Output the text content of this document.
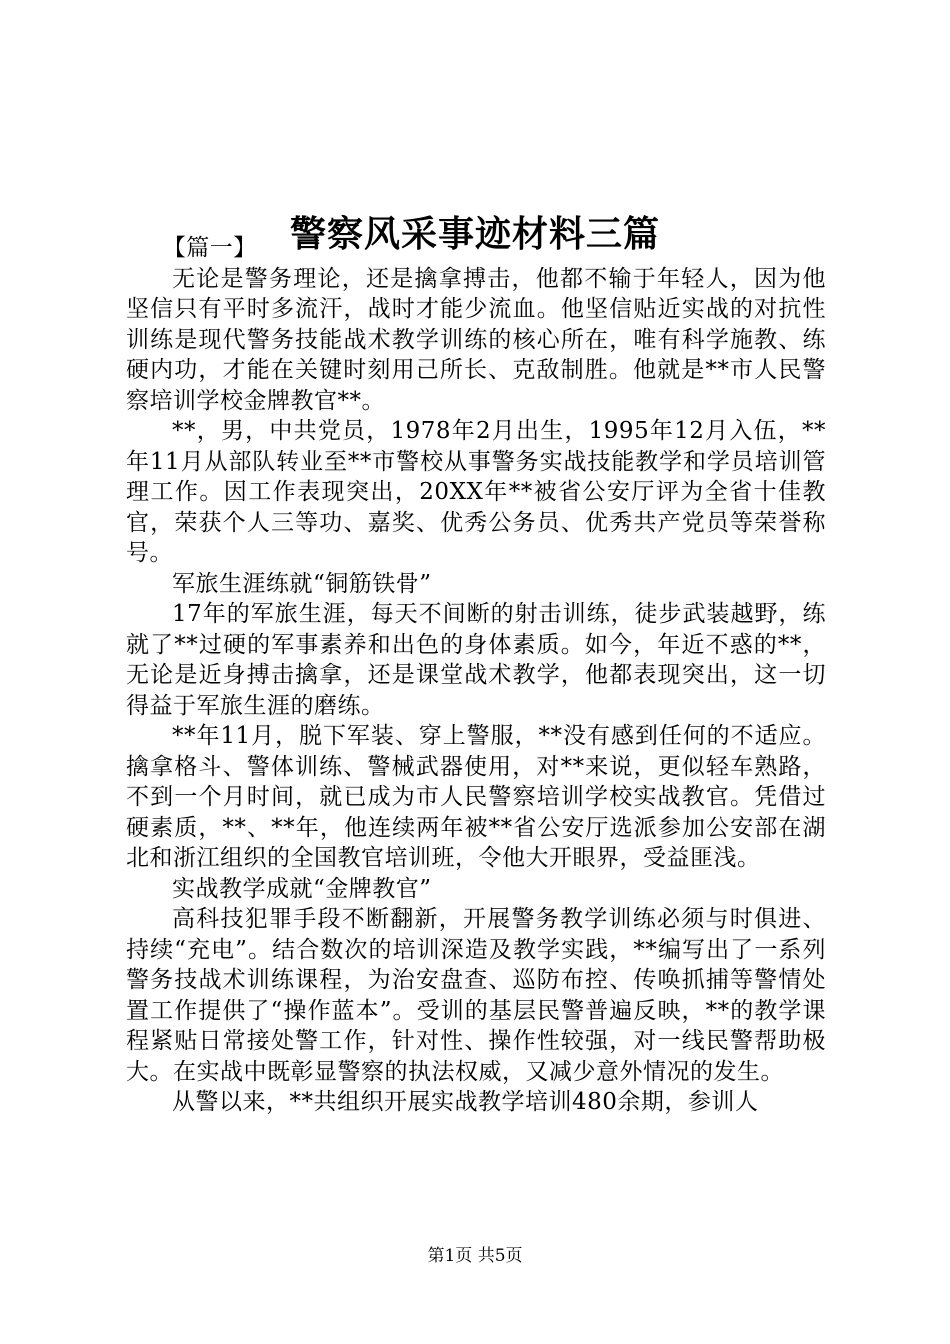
警察风采事迹材料三篇

【篇一】

无论是警务理论，还是擒拿搏击，他都不输于年轻人，因为他坚信只有平时多流汗，战时才能少流血。他坚信贴近实战的对抗性训练是现代警务技能战术教学训练的核心所在，唯有科学施教、练硬内功，才能在关键时刻用己所长、克敌制胜。他就是**市人民警察培训学校金牌教官**。

**，男，中共党员，1978年2月出生，1995年12月入伍，**年11月从部队转业至**市警校从事警务实战技能教学和学员培训管理工作。因工作表现突出，20XX年**被省公安厅评为全省十佳教官，荣获个人三等功、嘉奖、优秀公务员、优秀共产党员等荣誉称号。

军旅生涯练就“铜筋铁骨”

17年的军旅生涯，每天不间断的射击训练，徒步武装越野，练就了**过硬的军事素养和出色的身体素质。如今，年近不惑的**，无论是近身搏击擒拿，还是课堂战术教学，他都表现突出，这一切得益于军旅生涯的磨练。

**年11月，脱下军装、穿上警服，**没有感到任何的不适应。擒拿格斗、警体训练、警械武器使用，对**来说，更似轻车熟路，不到一个月时间，就已成为市人民警察培训学校实战教官。凭借过硬素质，**、**年，他连续两年被**省公安厅选派参加公安部在湖北和浙江组织的全国教官培训班，令他大开眼界，受益匪浅。

实战教学成就“金牌教官”

高科技犯罪手段不断翻新，开展警务教学训练必须与时俱进、持续“充电”。结合数次的培训深造及教学实践，**编写出了一系列警务技战术训练课程，为治安盘查、巡防布控、传唤抓捕等警情处置工作提供了“操作蓝本”。受训的基层民警普遍反映，**的教学课程紧贴日常接处警工作，针对性、操作性较强，对一线民警帮助极大。在实战中既彰显警察的执法权威，又减少意外情况的发生。

从警以来，**共组织开展实战教学培训480余期，参训人

第1页 共5页
